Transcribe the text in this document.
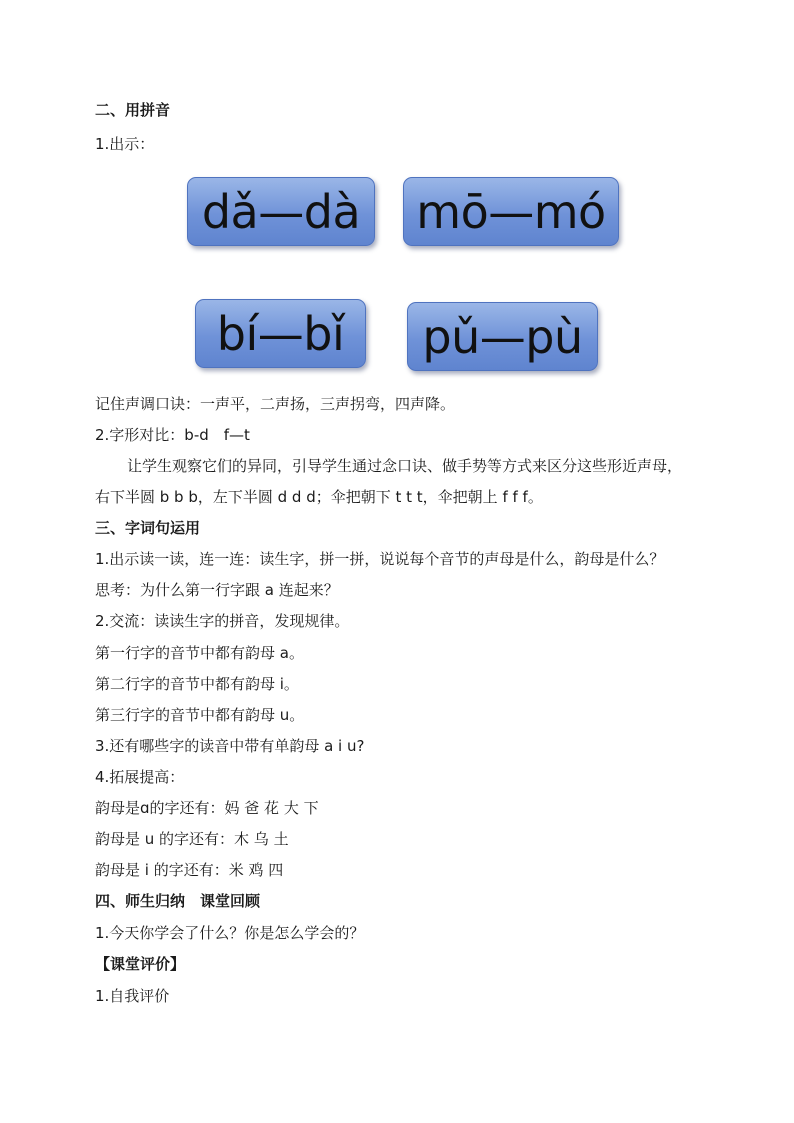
二、用拼音
1.出示：
dǎ—dà mō—mó
bí—bǐ pǔ—pù
记住声调口诀：一声平，二声扬，三声拐弯，四声降。
2.字形对比：b-d　f—t
让学生观察它们的异同，引导学生通过念口诀、做手势等方式来区分这些形近声母，
右下半圆 b b b，左下半圆 d d d；伞把朝下 t t t，伞把朝上 f f f。
三、字词句运用
1.出示读一读，连一连：读生字，拼一拼，说说每个音节的声母是什么，韵母是什么？
思考：为什么第一行字跟 a 连起来？
2.交流：读读生字的拼音，发现规律。
第一行字的音节中都有韵母 a。
第二行字的音节中都有韵母 i。
第三行字的音节中都有韵母 u。
3.还有哪些字的读音中带有单韵母 a i u?
4.拓展提高：
韵母是ɑ的字还有：妈 爸 花 大 下
韵母是 u 的字还有：木 乌 土
韵母是 i 的字还有：米 鸡 四
四、师生归纳　课堂回顾
1.今天你学会了什么？你是怎么学会的？
【课堂评价】
1.自我评价
